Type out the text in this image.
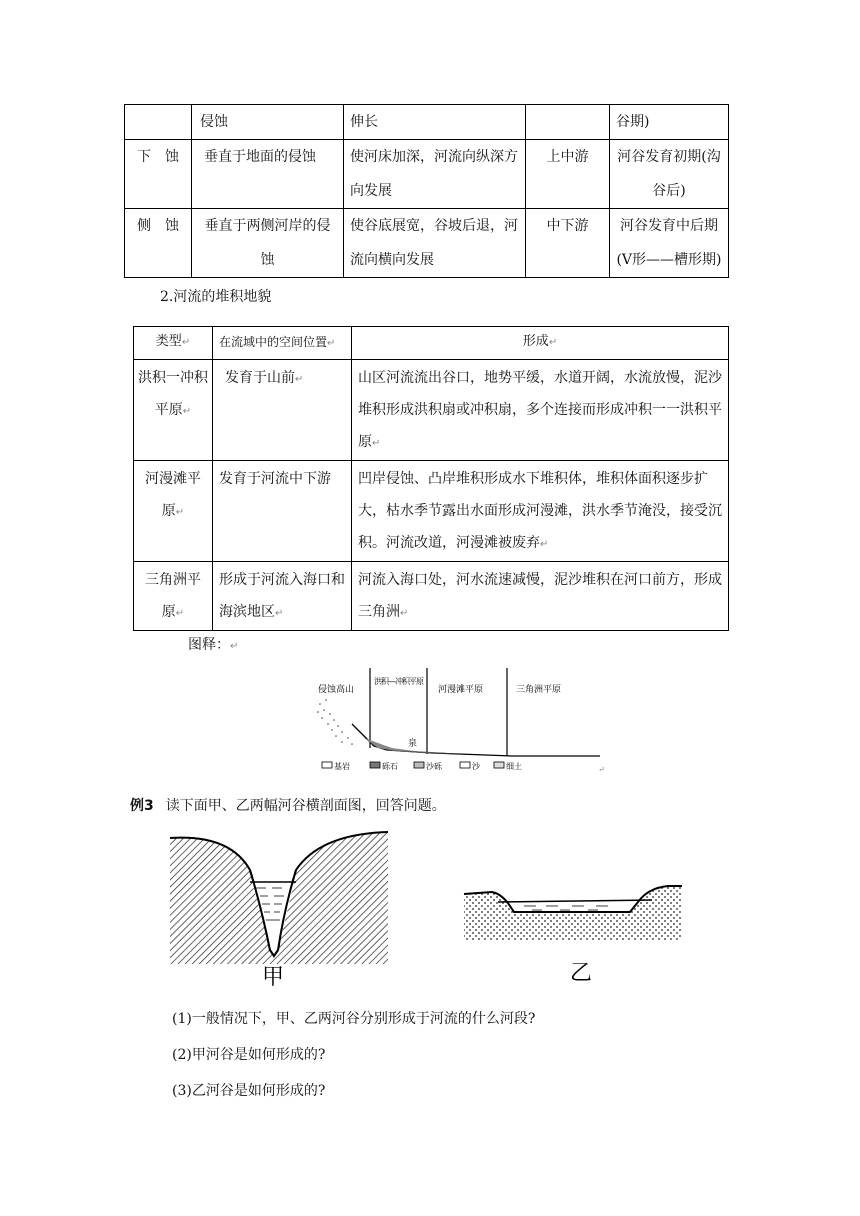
	侵蚀	伸长		谷期)

下　蚀	垂直于地面的侵蚀	使河床加深，河流向纵深方向发展	上中游	河谷发育初期(沟谷后)

侧　蚀	垂直于两侧河岸的侵蚀	使谷底展宽，谷坡后退，河流向横向发展	中下游	河谷发育中后期(V形——槽形期)
2.河流的堆积地貌
类型↵	在流域中的空间位置↵	形成↵

洪积一冲积平原↵	发育于山前↵	山区河流流出谷口，地势平缓，水道开阔，水流放慢，泥沙堆积形成洪积扇或冲积扇，多个连接而形成冲积一一洪积平原↵

河漫滩平原↵	发育于河流中下游	凹岸侵蚀、凸岸堆积形成水下堆积体，堆积体面积逐步扩大，枯水季节露出水面形成河漫滩，洪水季节淹没，接受沉积。河流改道，河漫滩被废弃↵

三角洲平原↵	形成于河流入海口和海滨地区↵	河流入海口处，河水流速减慢，泥沙堆积在河口前方，形成三角洲↵
图释：↵
侵蚀高山
洪积—冲积平原
河漫滩平原	三角洲平原
泉
基岩	砾石	沙砾	沙	细土	↵
例3 读下面甲、乙两幅河谷横剖面图，回答问题。
甲	乙
(1)一般情况下，甲、乙两河谷分别形成于河流的什么河段?
(2)甲河谷是如何形成的?
(3)乙河谷是如何形成的?
